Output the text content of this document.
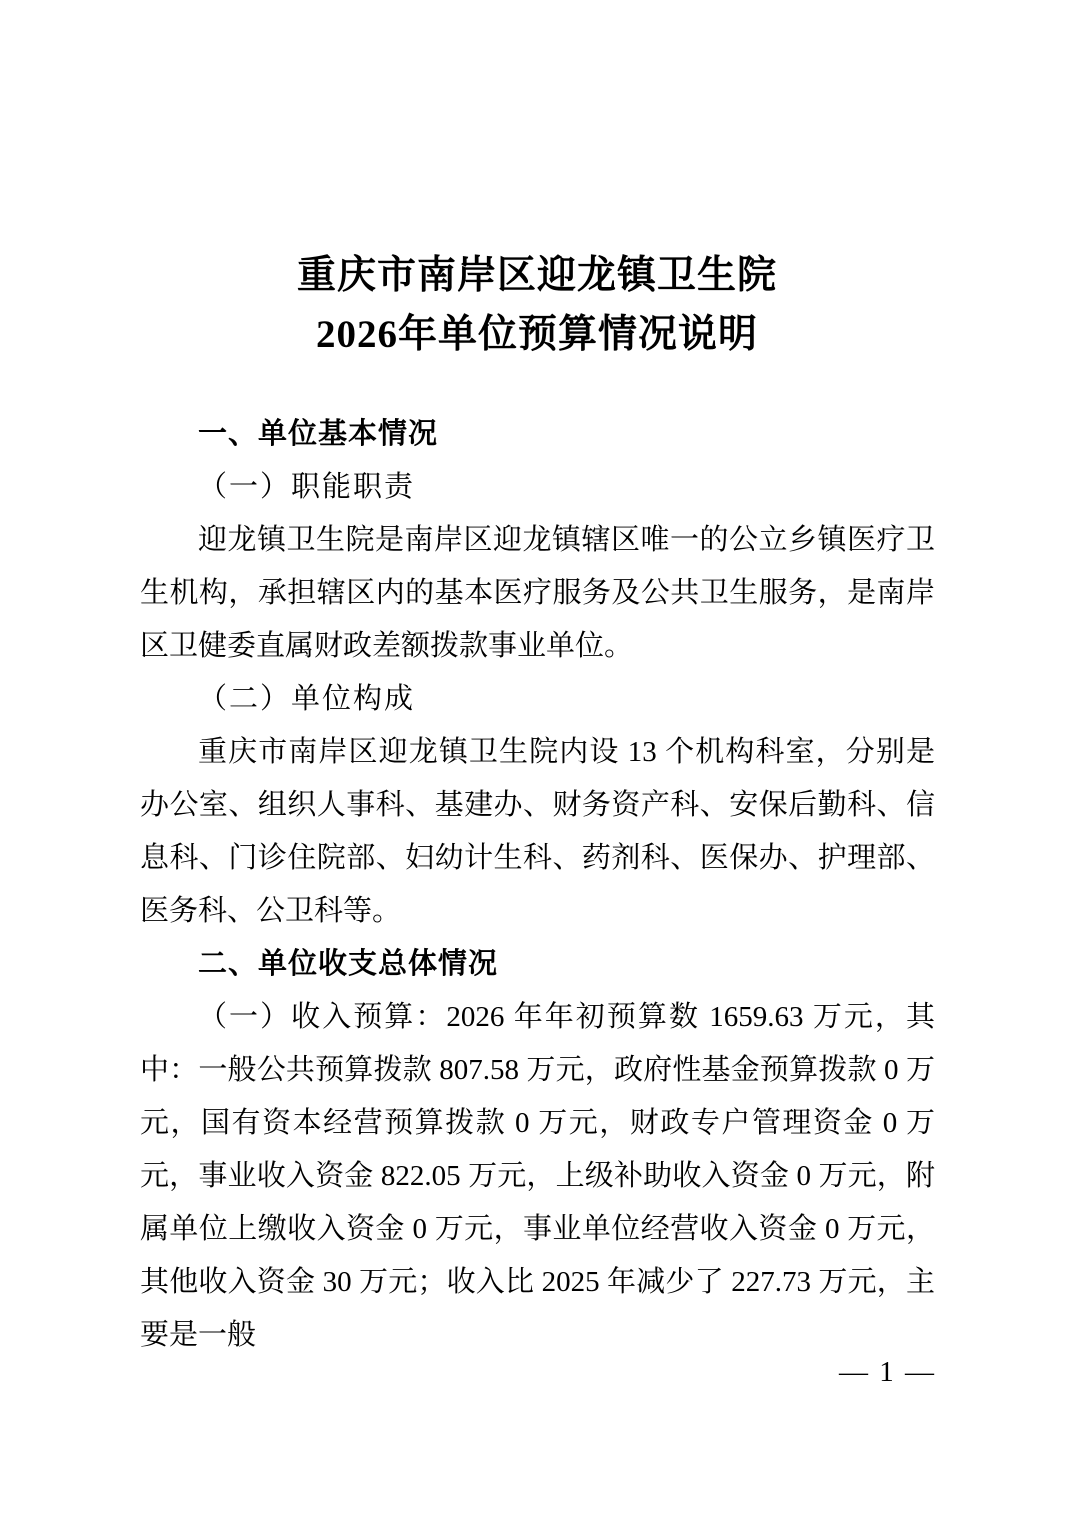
重庆市南岸区迎龙镇卫生院
2026年单位预算情况说明
一、单位基本情况
（一）职能职责

迎龙镇卫生院是南岸区迎龙镇辖区唯一的公立乡镇医疗卫生机构，承担辖区内的基本医疗服务及公共卫生服务，是南岸区卫健委直属财政差额拨款事业单位。

（二）单位构成

重庆市南岸区迎龙镇卫生院内设 13 个机构科室，分别是办公室、组织人事科、基建办、财务资产科、安保后勤科、信息科、门诊住院部、妇幼计生科、药剂科、医保办、护理部、医务科、公卫科等。

二、单位收支总体情况

（一）收入预算：2026 年年初预算数 1659.63 万元，其中：一般公共预算拨款 807.58 万元，政府性基金预算拨款 0 万元，国有资本经营预算拨款 0 万元，财政专户管理资金 0 万元，事业收入资金 822.05 万元，上级补助收入资金 0 万元，附属单位上缴收入资金 0 万元，事业单位经营收入资金 0 万元，其他收入资金 30 万元；收入比 2025 年减少了 227.73 万元，主要是一般

— 1 —
